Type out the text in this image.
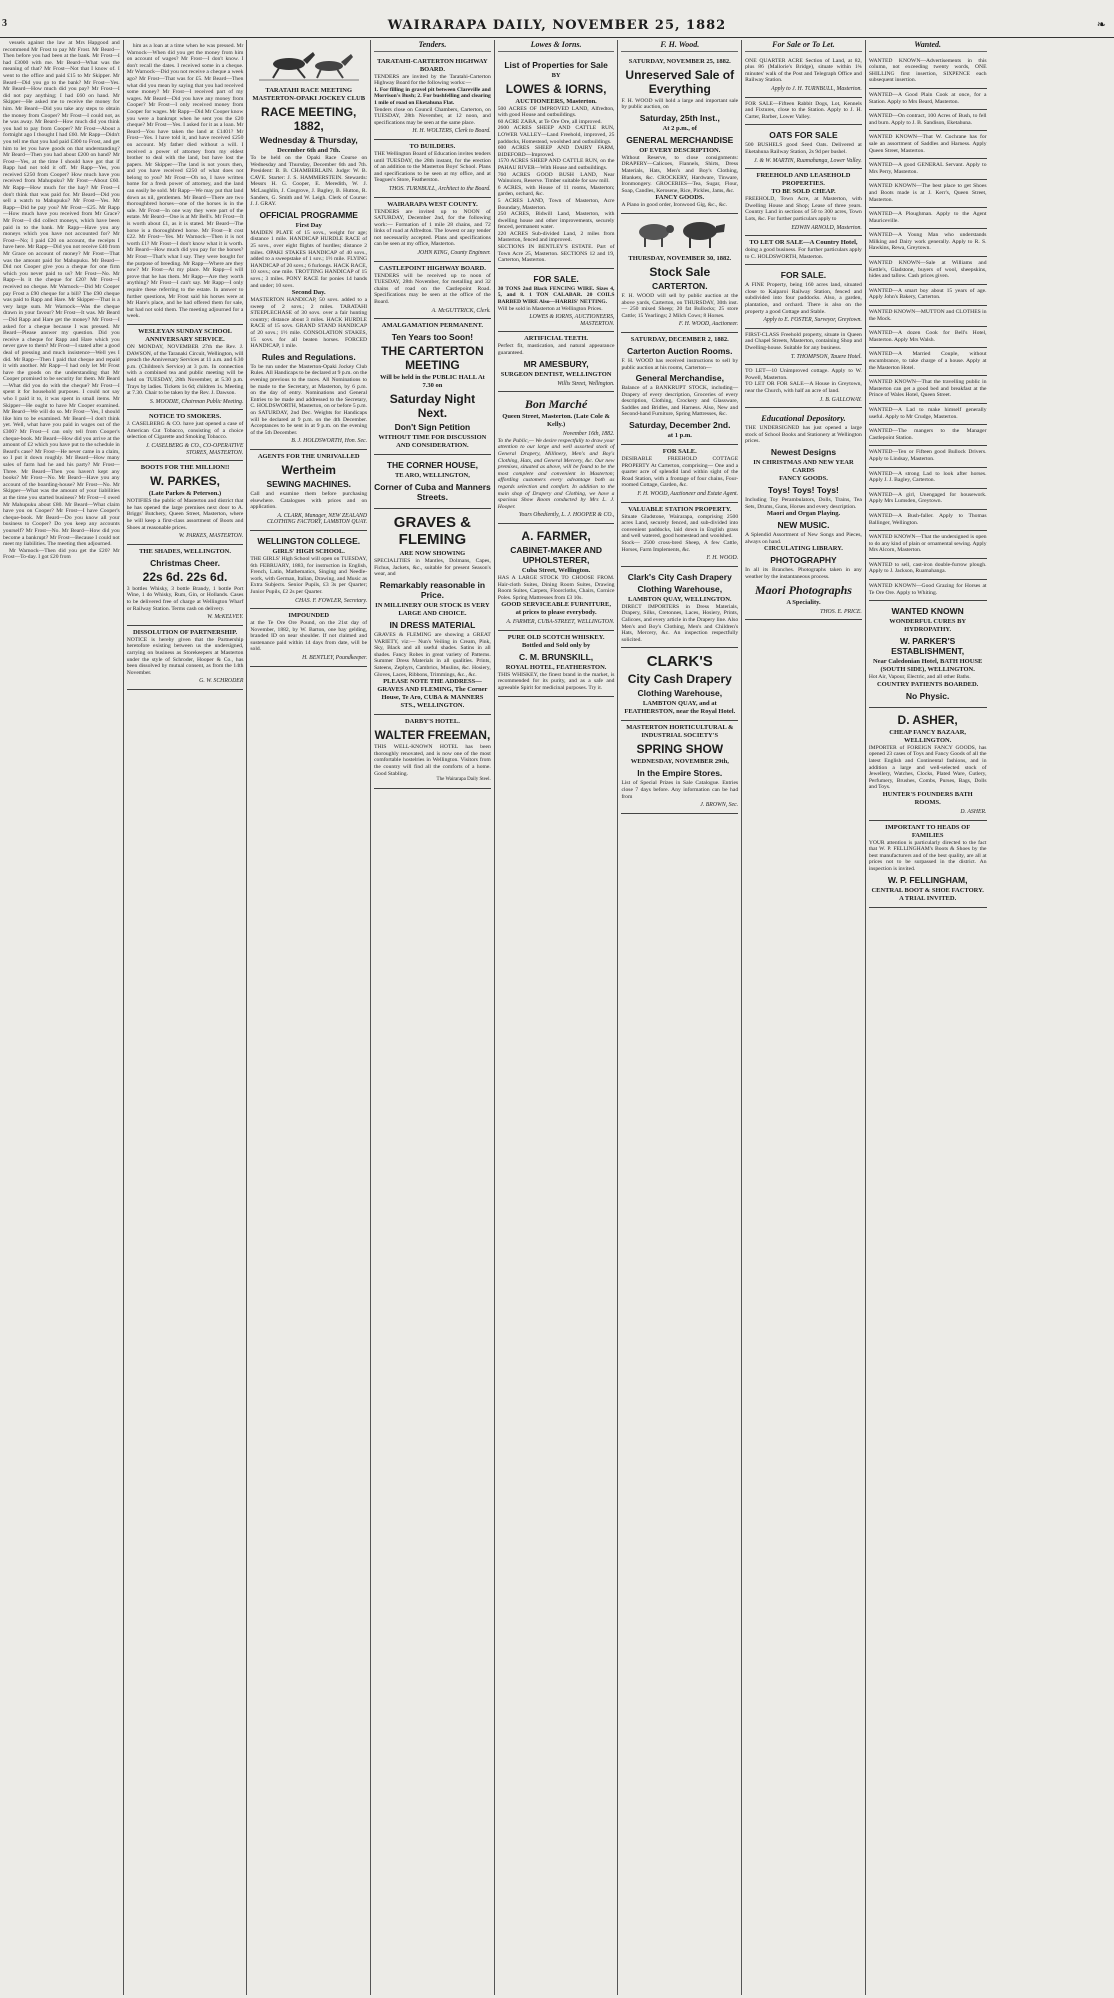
3	WAIRARAPA DAILY, NOVEMBER 25, 1882	❧

vessels against the law at Mrs Hapgood and recommend Mr Frost to pay Mr Frost. Mr Beard—Then before you had been at the bank. Mr Frost—I had £3000 with me. Mr Beard—What was the meaning of that? Mr Frost—Not that I know of. I went to the office and paid £15 to Mr Skipper. Mr Beard—Did you go to the bank? Mr Frost—Yes. Mr Beard—How much did you pay? Mr Frost—I did not pay anything; I had £60 on hand. Mr Skipper—He asked me to receive the money for him. Mr Beard—Did you take any steps to obtain the money from Cooper? Mr Frost—I could not, as he was away. Mr Beard—How much did you think you had to pay from Cooper? Mr Frost—About a fortnight ago I thought I had £60. Mr Rapp—Didn't you tell me that you had paid £300 to Frost, and get him to let you have goods on that understanding? Mr Beard—Then you had about £200 on hand? Mr Frost—Yes, at the time I should have got that if Rapp had not told it off. Mr Rapp—Yes, you received £250 from Cooper? How much have you received from Mahupuku? Mr Frost—About £60. Mr Rapp—How much for the hay? Mr Frost—I don't think that was paid for. Mr Beard—Did you sell a watch to Mahupuku? Mr Frost—Yes. Mr Rapp—Did he pay you? Mr Frost—£25. Mr Rapp—How much have you received from Mr Grace? Mr Frost—I did collect moneys, which have been paid in to the bank. Mr Rapp—Have you any moneys which you have not accounted for? Mr Frost—No; I paid £20 on account, the receipts I have here. Mr Rapp—Did you not receive £40 from Mr Grace on account of money? Mr Frost—That was the amount paid for Mahupuku. Mr Beard—Did not Cooper give you a cheque for one firm which you never paid to us? Mr Frost—No. Mr Rapp—Is it the cheque for £20? Mr Frost—I received no cheque. Mr Warnock—Did Mr Cooper pay Frost a £90 cheque for a bill? The £90 cheque was paid to Rapp and Hare. Mr Skipper—That is a very large sum. Mr Warnock—Was the cheque drawn in your favour? Mr Frost—It was. Mr Beard—Did Rapp and Hare get the money? Mr Frost—I asked for a cheque because I was pressed. Mr Beard—Please answer my question. Did you receive a cheque for Rapp and Hare which you never gave to them? Mr Frost—I stated after a good deal of pressing and much insistence—Well yes I did. Mr Rapp—Then I paid that cheque and repaid it with another. Mr Rapp—I had only let Mr Frost have the goods on the understanding that Mr Cooper promised to be security for them. Mr Beard—What did you do with the cheque? Mr Frost—I spent it for household purposes. I could not say who I paid it to, it was spent in small items. Mr Skipper—He ought to have Mr Cooper examined. Mr Beard—We will do so. Mr Frost—Yes, I should like him to be examined. Mr Beard—I don't think yet. Well, what have you paid in wages out of the £300? Mr Frost—I can only tell from Cooper's cheque-book. Mr Beard—How did you arrive at the amount of £2 which you have put to the schedule in Beard's case? Mr Frost—He never came in a claim, so I put it down roughly. Mr Beard—How many sales of farm had he and his party? Mr Frost—Three. Mr Beard—Then you haven't kept any books? Mr Frost—No. Mr Beard—Have you any account of the boarding-house? Mr Frost—No. Mr Skipper—What was the amount of your liabilities at the time you started business? Mr Frost—I owed Mr Mahupuku about £80. Mr Beard—What claim have you on Cooper? Mr Frost—I have Cooper's cheque-book. Mr Beard—Do you know all your business to Cooper? Do you keep any accounts yourself? Mr Frost—No. Mr Beard—How did you become a bankrupt? Mr Frost—Because I could not meet my liabilities. The meeting then adjourned.

Mr Warnock—Then did you get the £20? Mr Frost—To-day. I got £20 from

him as a loan at a time when he was pressed. Mr Warnock—When did you get the money from him on account of wages? Mr Frost—I don't know. I don't recall the dates. I received some in a cheque. Mr Warnock—Did you not receive a cheque a week ago? Mr Frost—That was for £5. Mr Beard—Then what did you mean by saying that you had received some money? Mr Frost—I received part of my wages. Mr Beard—Did you have any money from Cooper? Mr Frost—I only received money from Cooper for wages. Mr Rapp—Did Mr Cooper know you were a bankrupt when he sent you the £20 cheque? Mr Frost—Yes. I asked for it as a loan. Mr Beard—You have taken the land at £1401? Mr Frost—Yes. I have told it, and have received £250 on account. My father died without a will. I received a power of attorney from my eldest brother to deal with the land, but have lost the papers. Mr Skipper—The land is not yours then, and you have received £250 of what does not belong to you? Mr Frost—Oh no, I have written home for a fresh power of attorney, and the land can easily be sold. Mr Rapp—We may put that land down as nil, gentlemen. Mr Beard—There are two thoroughbred horses—one of the horses is in the sale. Mr Frost—In one way they were part of the estate. Mr Beard—One is at Mr Bell's. Mr Frost—It is worth about £1, as it is stated. Mr Beard—The horse is a thoroughbred horse. Mr Frost—It cost £22. Mr Frost—Yes. Mr Warnock—Then it is not worth £1? Mr Frost—I don't know what it is worth. Mr Beard—How much did you pay for the horses? Mr Frost—That's what I say. They were bought for the purpose of breeding. Mr Rapp—Where are they now? Mr Frost—At my place. Mr Rapp—I will prove that he has them. Mr Rapp—Are they worth anything? Mr Frost—I can't say. Mr Rapp—I only require these referring to the estate. In answer to further questions, Mr Frost said his horses were at Mr Hare's place, and he had offered them for sale, but had not sold them. The meeting adjourned for a week.

WESLEYAN SUNDAY SCHOOL ANNIVERSARY SERVICE.
ON MONDAY, NOVEMBER 27th the Rev. J. DAWSON, of the Taranaki Circuit, Wellington, will preach the Anniversary Services at 11 a.m. and 6.30 p.m. (Children's Service) at 3 p.m. In connection with a combined tea and public meeting will be held on TUESDAY, 28th November, at 5.30 p.m. Trays by ladies. Tickets 1s 6d; children 1s. Meeting at 7.30. Chair to be taken by the Rev. J. Dawson.
S. MOODIE, Chairman Public Meeting.
NOTICE TO SMOKERS.
J. CASELBERG & CO. have just opened a case of American Cut Tobacco, consisting of a choice selection of Cigarette and Smoking Tobacco.
J. CASELBERG & CO., CO-OPERATIVE STORES, MASTERTON.
BOOTS FOR THE MILLION!!
W. PARKES,
(Late Parkes & Peterson.)
NOTIFIES the public of Masterton and district that he has opened the large premises next door to A. Briggs' Butchery, Queen Street, Masterton, where he will keep a first-class assortment of Boots and Shoes at reasonable prices.
W. PARKES, MASTERTON.
THE SHADES, WELLINGTON.
Christmas Cheer.
22s 6d. 22s 6d.
3 bottles Whisky, 3 bottle Brandy, 1 bottle Port Wine, 1 do Whisky, Rum, Gin, or Hollands. Cases to be delivered free of charge at Wellington Wharf or Railway Station. Terms cash on delivery.
W. McKELVEY.
DISSOLUTION OF PARTNERSHIP.
NOTICE is hereby given that the Partnership heretofore existing between us the undersigned, carrying on business as Storekeepers at Masterton under the style of Schroder, Hooper & Co., has been dissolved by mutual consent, as from the 14th November.
G. W. SCHRODER
TARATAHI RACE MEETING
MASTERTON-OPAKI JOCKEY CLUB
RACE MEETING, 1882,
Wednesday & Thursday,
December 6th and 7th.
To be held on the Opaki Race Course on Wednesday and Thursday, December 6th and 7th. President: B. B. CHAMBERLAIN. Judge: W. B. CAVE. Starter: J. S. HAMMERSTEIN. Stewards: Messrs H. G. Cooper, E. Meredith, W. J. McLaughlin, J. Cosgrove, J. Bagley, B. Hutton, R. Sanders, G. Smith and W. Leigh. Clerk of Course: J. J. GRAY.
OFFICIAL PROGRAMME
First Day
MAIDEN PLATE of 15 sovs., weight for age; distance 1 mile. HANDICAP HURDLE RACE of 25 sovs., over eight flights of hurdles; distance 2 miles. OPAKI STAKES HANDICAP of 40 sovs., added to a sweepstake of 1 sov.; 1½ mile. FLYING HANDICAP of 20 sovs.; 6 furlongs. HACK RACE, 10 sovs.; one mile. TROTTING HANDICAP of 15 sovs.; 3 miles. PONY RACE for ponies 14 hands and under; 10 sovs.
Second Day.
MASTERTON HANDICAP, 50 sovs. added to a sweep of 2 sovs.; 2 miles. TARATAHI STEEPLECHASE of 30 sovs. over a fair hunting country; distance about 3 miles. HACK HURDLE RACE of 15 sovs. GRAND STAND HANDICAP of 20 sovs.; 1½ mile. CONSOLATION STAKES, 15 sovs. for all beaten horses. FORCED HANDICAP, 1 mile.
Rules and Regulations.
To be run under the Masterton-Opaki Jockey Club Rules. All Handicaps to be declared at 9 p.m. on the evening previous to the races. All Nominations to be made to the Secretary, at Masterton, by 6 p.m. on the day of entry. Nominations and General Entries to be made and addressed to the Secretary, C. HOLDSWORTH, Masterton, on or before 5 p.m. on SATURDAY, 2nd Dec. Weights for Handicaps will be declared at 9 p.m. on the 4th December. Acceptances to be sent in at 9 p.m. on the evening of the 5th December.
B. J. HOLDSWORTH, Hon. Sec.
AGENTS FOR THE UNRIVALLED
Wertheim
SEWING MACHINES.
Call and examine them before purchasing elsewhere. Catalogues with prices and on application.
A. CLARK, Manager, NEW ZEALAND CLOTHING FACTORY, LAMBTON QUAY.
WELLINGTON COLLEGE.
GIRLS' HIGH SCHOOL.
THE GIRLS' High School will open on TUESDAY, 6th FEBRUARY, 1883, for instruction in English, French, Latin, Mathematics, Singing and Needle-work, with German, Italian, Drawing, and Music as Extra Subjects. Senior Pupils, £3 3s per Quarter; Junior Pupils, £2 2s per Quarter.
CHAS. F. FOWLER, Secretary.
IMPOUNDED
at the Te Ore Ore Pound, on the 21st day of November, 1882, by W. Barton, one bay gelding, branded ID on near shoulder. If not claimed and sustenance paid within 14 days from date, will be sold.
H. BENTLEY, Poundkeeper.
Tenders.
TARATAHI-CARTERTON HIGHWAY BOARD.
TENDERS are invited by the Taratahi-Carterton Highway Board for the following works:—
1. For filling in gravel pit between Clareville and Morrison's Bush; 2. For bushfelling and clearing 1 mile of road on Eketahuna Flat.
Tenders close on Council Chambers, Carterton, on TUESDAY, 28th November, at 12 noon, and specifications may be seen at the same place.
H. H. WOLTERS, Clerk to Board.
TO BUILDERS.
THE Wellington Board of Education invites tenders until TUESDAY, the 28th instant, for the erection of an addition to the Masterton Boys' School. Plans and specifications to be seen at my office, and at Teagues's Store, Featherston.
THOS. TURNBULL, Architect to the Board.
WAIRARAPA WEST COUNTY.
TENDERS are invited up to NOON of SATURDAY, December 2nd, for the following work:— Formation of 1 mile 28 chains, and 72 links of road at Alfredton. The lowest or any tender not necessarily accepted. Plans and specifications can be seen at my office, Masterton.
JOHN KING, County Engineer.
CASTLEPOINT HIGHWAY BOARD.
TENDERS will be received up to noon of TUESDAY, 28th November, for metalling and 32 chains of road on the Castlepoint Road. Specifications may be seen at the office of the Board.
A. McGUTTRICK, Clerk.
AMALGAMATION PERMANENT.
Ten Years too Soon!
THE CARTERTON MEETING
Will be held in the PUBLIC HALL At 7.30 on
Saturday Night Next.
Don't Sign Petition
WITHOUT TIME FOR DISCUSSION AND CONSIDERATION.
THE CORNER HOUSE,
TE ARO, WELLINGTON,
Corner of Cuba and Manners Streets.
GRAVES & FLEMING
ARE NOW SHOWING
SPECIALITIES in Mantles, Dolmans, Capes, Fichus, Jackets, &c., suitable for present Season's wear, and
Remarkably reasonable in Price.
IN MILLINERY OUR STOCK IS VERY LARGE AND CHOICE.
IN DRESS MATERIAL
GRAVES & FLEMING are showing a GREAT VARIETY, viz:— Nun's Veiling in Cream, Pink, Sky, Black and all useful shades. Satins in all shades. Fancy Robes in great variety of Patterns. Summer Dress Materials in all qualities. Prints, Sateens, Zephyrs, Cambrics, Muslins, &c. Hosiery, Gloves, Laces, Ribbons, Trimmings, &c., &c.
PLEASE NOTE THE ADDRESS—
GRAVES AND FLEMING, The Corner House, Te Aro, CUBA & MANNERS STS., WELLINGTON.
DARBY'S HOTEL.
WALTER FREEMAN,
THIS WELL-KNOWN HOTEL has been thoroughly renovated, and is now one of the most comfortable hostelries in Wellington. Visitors from the country will find all the comforts of a home. Good Stabling.
The Wairarapa Daily Steel.
Lowes & Iorns.
List of Properties for Sale
BY
LOWES & IORNS,
AUCTIONEERS, Masterton.
500 ACRES OF IMPROVED LAND, Alfredton, with good House and outbuildings.
60 ACRE ZABA, at Te Ore Ore, all improved.
2600 ACRES SHEEP AND CATTLE RUN, LOWER VALLEY—Land Freehold, improved, 25 paddocks, Homestead, woolshed and outbuildings.
600 ACRES SHEEP AND DAIRY FARM, BIDEFORD—Improved.
1570 ACRES SHEEP AND CATTLE RUN, on the PAHAU RIVER—With House and outbuildings.
760 ACRES GOOD BUSH LAND, Near Wainuioru, Reserve. Timber suitable for saw mill.
6 ACRES, with House of 11 rooms, Masterton; garden, orchard, &c.
5 ACRES LAND, Town of Masterton, Acre Boundary, Masterton.
250 ACRES, Bidwill Land, Masterton, with dwelling house and other improvements, securely fenced, permanent water.
220 ACRES Sub-divided Land, 2 miles from Masterton, fenced and improved.
SECTIONS IN BENTLEY'S ESTATE. Part of Town Acre 25, Masterton. SECTIONS 12 and 19, Carterton, Masterton.
FOR SALE.
30 TONS 2nd Black FENCING WIRE. Sizes 4, 5, and 8. 1 TON CALABAR. 20 COILS BARBED WIRE Also—HARRIS' NETTING.
Will be sold in Masterton at Wellington Prices.
LOWES & IORNS, AUCTIONEERS, MASTERTON.
ARTIFICIAL TEETH.
Perfect fit, mastication, and natural appearance guaranteed.
MR AMESBURY,
SURGEON DENTIST, WELLINGTON
Willis Street, Wellington.
Bon Marché
Queen Street, Masterton. (Late Cole & Kelly.)
November 16th, 1882.
To the Public,— We desire respectfully to draw your attention to our large and well assorted stock of General Drapery, Millinery, Men's and Boy's Clothing, Hats, and General Mercery, &c. Our new premises, situated as above, will be found to be the most complete and convenient in Masterton; affording customers every advantage both as regards selection and comfort. In addition to the main shop of Drapery and Clothing, we have a spacious Show Room conducted by Mrs L. J. Hooper.
Yours Obediently, L. J. HOOPER & CO.,
A. FARMER,
CABINET-MAKER AND UPHOLSTERER,
Cuba Street, Wellington.
HAS A LARGE STOCK TO CHOOSE FROM. Hair-cloth Suites, Dining Room Suites, Drawing Room Suites, Carpets, Floorcloths, Chairs, Cornice Poles. Spring Mattresses from £3 10s.
GOOD SERVICEABLE FURNITURE, at prices to please everybody.
A. FARMER, CUBA-STREET, WELLINGTON.
PURE OLD SCOTCH WHISKEY.
Bottled and Sold only by
C. M. BRUNSKILL,
ROYAL HOTEL, FEATHERSTON.
THIS WHISKEY, the finest brand in the market, is recommended for its purity, and as a safe and agreeable Spirit for medicinal purposes. Try it.
F. H. Wood.
SATURDAY, NOVEMBER 25, 1882.
Unreserved Sale of Everything
F. H. WOOD will hold a large and important sale by public auction, on
Saturday, 25th Inst.,
At 2 p.m., of
GENERAL MERCHANDISE
OF EVERY DESCRIPTION.
Without Reserve, to close consignments: DRAPERY—Calicoes, Flannels, Shirts, Dress Materials, Hats, Men's and Boy's Clothing, Blankets, &c. CROCKERY, Hardware, Tinware, Ironmongery. GROCERIES—Tea, Sugar, Flour, Soap, Candles, Kerosene, Rice, Pickles, Jams, &c.
FANCY GOODS.
A Piano in good order, Ironwood Gig, &c., &c.
THURSDAY, NOVEMBER 30, 1882.
Stock Sale
CARTERTON.
F. H. WOOD will sell by public auction at the above yards, Carterton, on THURSDAY, 30th inst.— 250 mixed Sheep; 20 fat Bullocks; 25 store Cattle; 15 Yearlings; 2 Milch Cows; 8 Horses.
F. H. WOOD, Auctioneer.
SATURDAY, DECEMBER 2, 1882.
Carterton Auction Rooms.
F. H. WOOD has received instructions to sell by public auction at his rooms, Carterton—
General Merchandise,
Balance of a BANKRUPT STOCK, including— Drapery of every description, Groceries of every description, Clothing, Crockery and Glassware, Saddles and Bridles, and Harness. Also, New and Second-hand Furniture, Spring Mattresses, &c.
Saturday, December 2nd.
at 1 p.m.
FOR SALE.
DESIRABLE FREEHOLD COTTAGE PROPERTY At Carterton, comprising— One and a quarter acre of splendid land within sight of the Road Station, with a frontage of four chains, Four-roomed Cottage, Garden, &c.
F. H. WOOD, Auctioneer and Estate Agent.
VALUABLE STATION PROPERTY.
Situate Gladstone, Wairarapa, comprising 2500 acres Land, securely fenced, and sub-divided into convenient paddocks, laid down in English grass and well watered, good homestead and woolshed.
Stock— 2500 cross-bred Sheep, A few Cattle, Horses, Farm Implements, &c.
F. H. WOOD.
Clark's City Cash Drapery
Clothing Warehouse,
LAMBTON QUAY, WELLINGTON.
DIRECT IMPORTERS in Dress Materials, Drapery, Silks, Cretonnes, Laces, Hosiery, Prints, Calicoes, and every article in the Drapery line. Also Men's and Boy's Clothing, Men's and Children's Hats, Mercery, &c. An inspection respectfully solicited.
CLARK'S
City Cash Drapery
Clothing Warehouse,
LAMBTON QUAY, and at FEATHERSTON, near the Royal Hotel.
MASTERTON HORTICULTURAL & INDUSTRIAL SOCIETY'S
SPRING SHOW
WEDNESDAY, NOVEMBER 29th,
In the Empire Stores.
List of Special Prizes in Sale Catalogue. Entries close 7 days before. Any information can be had from
J. BROWN, Sec.
For Sale or To Let.
ONE QUARTER ACRE Section of Land, at 82, plus 86 (Mallorie's Bridge), situate within 1¾ minutes' walk of the Post and Telegraph Office and Railway Station.
Apply to J. H. TURNBULL, Masterton.
FOR SALE—Fifteen Rabbit Dogs, Lot, Kennels and Fixtures, close to the Station. Apply to J. H. Carter, Barber, Lower Valley.
OATS FOR SALE
500 BUSHELS good Seed Oats. Delivered at Eketahuna Railway Station, 2s 9d per bushel.
J. & W. MARTIN, Ruamahanga, Lower Valley.
FREEHOLD AND LEASEHOLD PROPERTIES.
TO BE SOLD CHEAP.
FREEHOLD, Town Acre, at Masterton, with Dwelling House and Shop; Lease of three years. Country Land in sections of 50 to 300 acres, Town Lots, &c. For further particulars apply to
EDWIN ARNOLD, Masterton.
TO LET OR SALE—A Country Hotel,
doing a good business. For further particulars apply to C. HOLDSWORTH, Masterton.
FOR SALE.
A FINE Property, being 160 acres land, situated close to Kaiparoi Railway Station, fenced and subdivided into four paddocks. Also, a garden, plantation, and orchard. There is also on the property a good Cottage and Stable.
Apply to E. FOSTER, Surveyor, Greytown.
FIRST-CLASS Freehold property, situate in Queen and Chapel Streets, Masterton, containing Shop and Dwelling-house. Suitable for any business.
T. THOMPSON, Tauere Hotel.
TO LET—10 Unimproved cottage. Apply to W. Powell, Masterton.
TO LET OR FOR SALE—A House in Greytown, near the Church, with half an acre of land.
J. B. GALLOWAY.
Educational Depository.
THE UNDERSIGNED has just opened a large stock of School Books and Stationery at Wellington prices.
Newest Designs
IN CHRISTMAS AND NEW YEAR CARDS
FANCY GOODS.
Toys! Toys! Toys!
Including Toy Perambulators, Dolls, Trains, Tea Sets, Drums, Guns, Horses and every description.
Maori and Organ Playing.
NEW MUSIC.
A Splendid Assortment of New Songs and Pieces, always on hand.
CIRCULATING LIBRARY.
PHOTOGRAPHY
In all its Branches. Photographs taken in any weather by the instantaneous process.
Maori Photographs
A Speciality.
THOS. E. PRICE.
Wanted.
WANTED KNOWN—Advertisements in this column, not exceeding twenty words, ONE SHILLING first insertion, SIXPENCE each subsequent insertion.
WANTED—A Good Plain Cook at once, for a Station. Apply to Mrs Beard, Masterton.
WANTED—On contract, 100 Acres of Bush, to fell and burn. Apply to J. B. Sandison, Eketahuna.
WANTED KNOWN—That W. Cochrane has for sale an assortment of Saddles and Harness. Apply Queen Street, Masterton.
WANTED—A good GENERAL Servant. Apply to Mrs Perry, Masterton.
WANTED KNOWN—The best place to get Shoes and Boots made is at J. Kerr's, Queen Street, Masterton.
WANTED—A Ploughman. Apply to the Agent Mauriceville.
WANTED—A Young Man who understands Milking and Dairy work generally. Apply to R. S. Hawkins, Rewa, Greytown.
WANTED KNOWN—Sale at Williams and Kettle's, Gladstone, buyers of wool, sheepskins, hides and tallow. Cash prices given.
WANTED—A smart boy about 15 years of age. Apply John's Bakery, Carterton.
WANTED KNOWN—MUTTON and CLOTHES in the Mock.
WANTED—A dozen Cook for Bell's Hotel, Masterton. Apply Mrs Walsh.
WANTED—A Married Couple, without encumbrance, to take charge of a house. Apply at the Masterton Hotel.
WANTED KNOWN—That the travelling public in Masterton can get a good bed and breakfast at the Prince of Wales Hotel, Queen Street.
WANTED—A Lad to make himself generally useful. Apply to Mr Crudge, Masterton.
WANTED—The mangers to the Manager Castlepoint Station.
WANTED—Ten or Fifteen good Bullock Drivers. Apply to Lindsay, Masterton.
WANTED—A strong Lad to look after horses. Apply J. J. Bagley, Carterton.
WANTED—A girl, Unengaged for housework. Apply Mrs Lumsden, Greytown.
WANTED—A Bush-faller. Apply to Thomas Ballinger, Wellington.
WANTED KNOWN—That the undersigned is open to do any kind of plain or ornamental sewing. Apply Mrs Alcorn, Masterton.
WANTED to sell, cast-iron double-furrow plough. Apply to J. Jackson, Ruamahanga.
WANTED KNOWN—Good Grazing for Horses at Te Ore Ore. Apply to Whiting.
WANTED KNOWN
WONDERFUL CURES BY HYDROPATHY.
W. PARKER'S ESTABLISHMENT,
Near Caledonian Hotel, BATH HOUSE (SOUTH SIDE), WELLINGTON.
Hot Air, Vapour, Electric, and all other Baths.
COUNTRY PATIENTS BOARDED.
No Physic.
D. ASHER,
CHEAP FANCY BAZAAR, WELLINGTON.
IMPORTER of FOREIGN FANCY GOODS, has opened 23 cases of Toys and Fancy Goods of all the latest English and Continental fashions, and in addition a large and well-selected stock of Jewellery, Watches, Clocks, Plated Ware, Cutlery, Perfumery, Brushes, Combs, Purses, Bags, Dolls and Toys.
HUNTER'S FOUNDERS BATH ROOMS.
D. ASHER.
IMPORTANT TO HEADS OF FAMILIES
YOUR attention is particularly directed to the fact that W. P. FELLINGHAM's Boots & Shoes by the best manufacturers and of the best quality, are all at prices not to be surpassed in the district. An inspection is invited.
W. P. FELLINGHAM,
CENTRAL BOOT & SHOE FACTORY.
A TRIAL INVITED.
